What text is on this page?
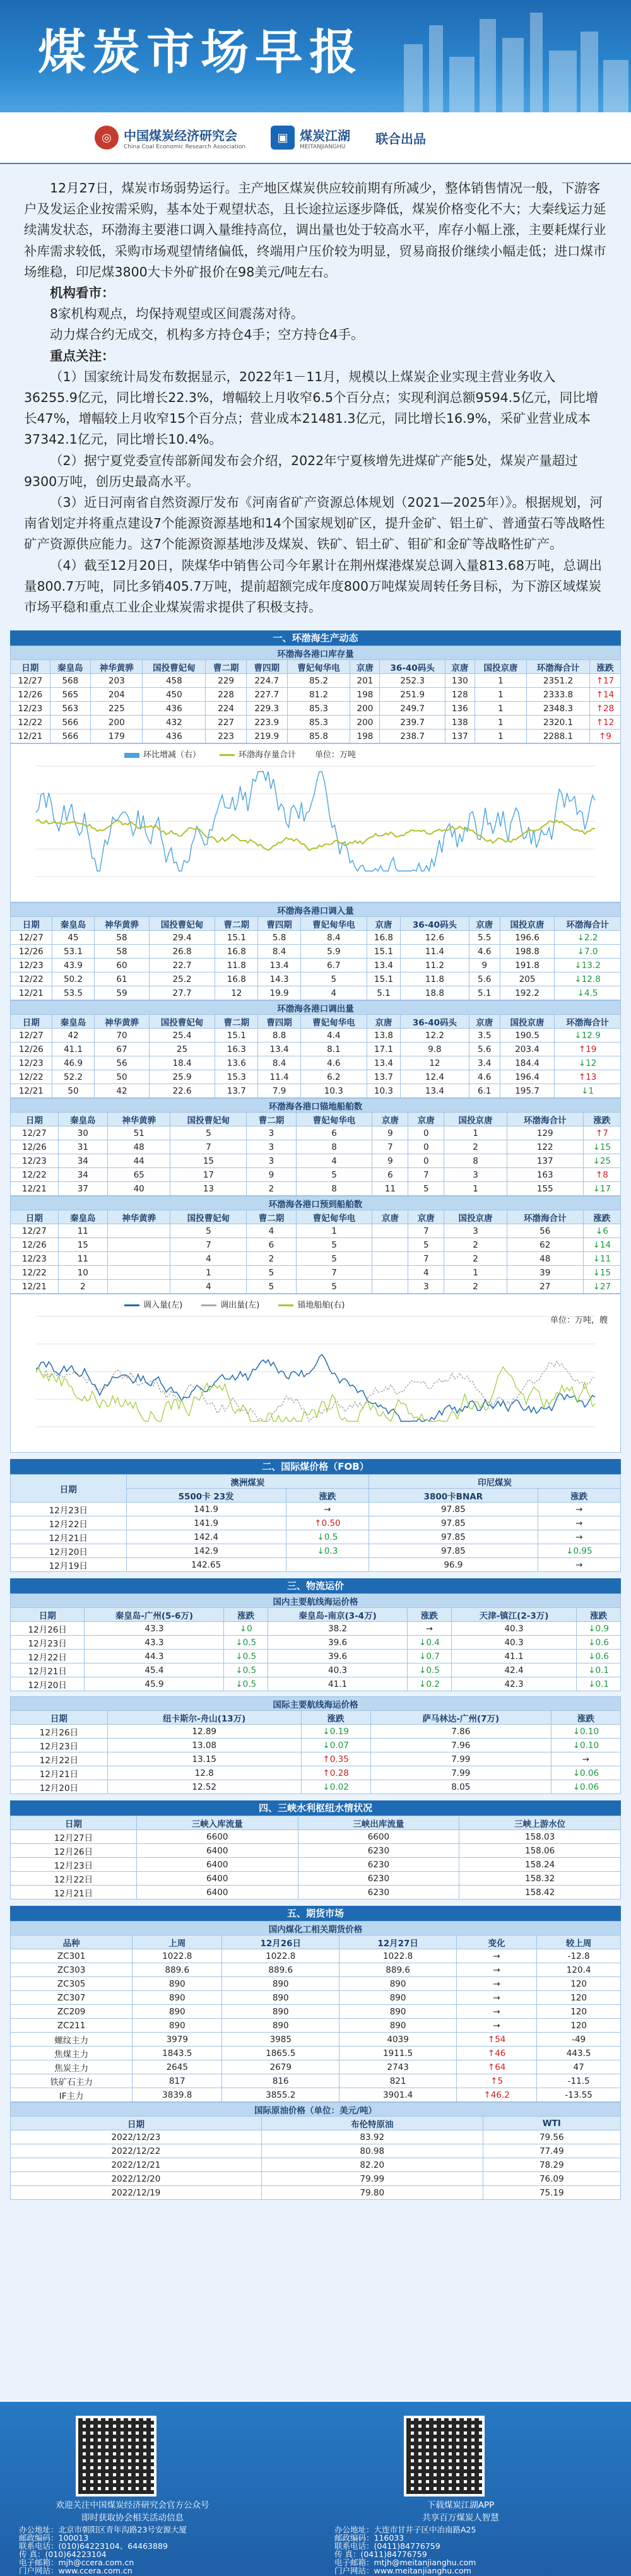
煤炭市场早报
◎ 中国煤炭经济研究会
China Coal Economic Research Association
▣ 煤炭江湖
MEITANJIANGHU
联合出品

12月27日，煤炭市场弱势运行。主产地区煤炭供应较前期有所减少，整体销售情况一般，下游客户及发运企业按需采购，基本处于观望状态，且长途拉运逐步降低，煤炭价格变化不大；大秦线运力延续满发状态，环渤海主要港口调入量维持高位，调出量也处于较高水平，库存小幅上涨，主要耗煤行业补库需求较低，采购市场观望情绪偏低，终端用户压价较为明显，贸易商报价继续小幅走低；进口煤市场维稳，印尼煤3800大卡外矿报价在98美元/吨左右。

机构看市：

8家机构观点，均保持观望或区间震荡对待。

动力煤合约无成交，机构多方持仓4手；空方持仓4手。

重点关注：

（1）国家统计局发布数据显示，2022年1－11月，规模以上煤炭企业实现主营业务收入36255.9亿元，同比增长22.3%，增幅较上月收窄6.5个百分点；实现利润总额9594.5亿元，同比增长47%，增幅较上月收窄15个百分点；营业成本21481.3亿元，同比增长16.9%，采矿业营业成本37342.1亿元，同比增长10.4%。

（2）据宁夏党委宣传部新闻发布会介绍，2022年宁夏核增先进煤矿产能5处，煤炭产量超过9300万吨，创历史最高水平。

（3）近日河南省自然资源厅发布《河南省矿产资源总体规划（2021—2025年）》。根据规划，河南省划定并将重点建设7个能源资源基地和14个国家规划矿区，提升金矿、铝土矿、普通萤石等战略性矿产资源供应能力。这7个能源资源基地涉及煤炭、铁矿、铝土矿、钼矿和金矿等战略性矿产。

（4）截至12月20日，陕煤华中销售公司今年累计在荆州煤港煤炭总调入量813.68万吨，总调出量800.7万吨，同比多销405.7万吨，提前超额完成年度800万吨煤炭周转任务目标，为下游区域煤炭市场平稳和重点工业企业煤炭需求提供了积极支持。

一、环渤海生产动态
环渤海各港口库存量												
日期	秦皇岛	神华黄骅	国投曹妃甸	曹二期	曹四期	曹妃甸华电	京唐	36-40码头	京唐	国投京唐	环渤海合计	涨跌
12/27	568	203	458	229	224.7	85.2	201	252.3	130	1	2351.2	↑ 17
12/26	565	204	450	228	227.7	81.2	198	251.9	128	1	2333.8	↑ 14
12/23	563	225	436	224	229.3	85.3	200	249.7	136	1	2348.3	↑ 28
12/22	566	200	432	227	223.9	85.3	200	239.7	138	1	2320.1	↑ 12
12/21	566	179	436	223	219.9	85.8	198	238.7	137	1	2288.1	↑ 9
环比增减（右）	环渤海存量合计 单位：万吨
环渤海各港口调入量											
日期	秦皇岛	神华黄骅	国投曹妃甸	曹二期	曹四期	曹妃甸华电	京唐	36-40码头	京唐	国投京唐	环渤海合计
12/27	45	58	29.4	15.1	5.8	8.4	16.8	12.6	5.5	196.6	↓ 2.2
12/26	53.1	58	26.8	16.8	8.4	5.9	15.1	11.4	4.6	198.8	↓ 7.0
12/23	43.9	60	22.7	11.8	13.4	6.7	13.4	11.2	9	191.8	↓ 13.2
12/22	50.2	61	25.2	16.8	14.3	5	15.1	11.8	5.6	205	↓ 12.8
12/21	53.5	59	27.7	12	19.9	4	5.1	18.8	5.1	192.2	↓ 4.5
环渤海各港口调出量											
日期	秦皇岛	神华黄骅	国投曹妃甸	曹二期	曹四期	曹妃甸华电	京唐	36-40码头	京唐	国投京唐	环渤海合计
12/27	42	70	25.4	15.1	8.8	4.4	13.8	12.2	3.5	190.5	↓ 12.9
12/26	41.1	67	25	16.3	13.4	8.1	17.1	9.8	5.6	203.4	↑ 19
12/23	46.9	56	18.4	13.6	8.4	4.6	13.4	12	3.4	184.4	↓ 12
12/22	52.2	50	25.9	15.3	11.4	6.2	13.7	12.4	4.6	196.4	↑ 13
12/21	50	42	22.6	13.7	7.9	10.3	10.3	13.4	6.1	195.7	↓ 1
环渤海各港口锚地船舶数										
日期	秦皇岛	神华黄骅	国投曹妃甸	曹二期	曹妃甸华电	京唐	京唐	国投京唐	环渤海合计	涨跌
12/27	30	51	5	3	6	9	0	1	129	↑ 7
12/26	31	48	7	3	8	7	0	2	122	↓ 15
12/23	34	44	15	3	4	9	0	8	137	↓ 25
12/22	34	65	17	9	5	6	7	3	163	↑ 8
12/21	37	40	13	2	8	11	5	1	155	↓ 17
环渤海各港口预到船舶数										
日期	秦皇岛	神华黄骅	国投曹妃甸	曹二期	曹妃甸华电	京唐	京唐	国投京唐	环渤海合计	涨跌
12/27	11		5	4	1		7	3	56	↓ 6
12/26	15		7	6	5		5	2	62	↓ 14
12/23	11		4	2	5		7	2	48	↓ 11
12/22	10		1	5	7		4	1	39	↓ 15
12/21	2		4	5	5		3	2	27	↓ 27
调入量(左)	调出量(左)	锚地船舶(右)
单位：万吨，艘
二、国际煤价格（FOB）
日期	澳洲煤炭		印尼煤炭	
	5500卡 23发	涨跌	3800卡BNAR	涨跌
12月23日	141.9	→	97.85	→
12月22日	141.9	↑ 0.50	97.85	→
12月21日	142.4	↓ 0.5	97.85	→
12月20日	142.9	↓ 0.3	97.85	↓ 0.95
12月19日	142.65		96.9	→
三、物流运价
国内主要航线海运价格						
日期	秦皇岛-广州(5-6万)	涨跌	秦皇岛-南京(3-4万)	涨跌	天津-镇江(2-3万)	涨跌
12月26日	43.3	↓ 0	38.2	→	40.3	↓ 0.9
12月23日	43.3	↓ 0.5	39.6	↓ 0.4	40.3	↓ 0.6
12月22日	44.3	↓ 0.5	39.6	↓ 0.7	41.1	↓ 0.6
12月21日	45.4	↓ 0.5	40.3	↓ 0.5	42.4	↓ 0.1
12月20日	45.9	↓ 0.5	41.1	↓ 0.2	42.3	↓ 0.1
国际主要航线海运价格				
日期	纽卡斯尔-舟山(13万)	涨跌	萨马林达-广州(7万)	涨跌
12月26日	12.89	↓ 0.19	7.86	↓ 0.10
12月23日	13.08	↓ 0.07	7.96	↓ 0.10
12月22日	13.15	↑ 0.35	7.99	→
12月21日	12.8	↑ 0.28	7.99	↓ 0.06
12月20日	12.52	↓ 0.02	8.05	↓ 0.06
四、三峡水利枢纽水情状况
日期	三峡入库流量	三峡出库流量	三峡上游水位
12月27日	6600	6600	158.03
12月26日	6400	6230	158.06
12月23日	6400	6230	158.24
12月22日	6400	6230	158.32
12月21日	6400	6230	158.42
五、期货市场
国内煤化工相关期货价格					
品种	上周	12月26日	12月27日	变化	较上周
ZC301	1022.8	1022.8	1022.8	→	-12.8
ZC303	889.6	889.6	889.6	→	120.4
ZC305	890	890	890	→	120
ZC307	890	890	890	→	120
ZC209	890	890	890	→	120
ZC211	890	890	890	→	120
螺纹主力	3979	3985	4039	↑ 54	-49
焦煤主力	1843.5	1865.5	1911.5	↑ 46	443.5
焦炭主力	2645	2679	2743	↑ 64	47
铁矿石主力	817	816	821	↑ 5	-11.5
IF主力	3839.8	3855.2	3901.4	↑ 46.2	-13.55
国际原油价格（单位：美元/吨）		
日期	布伦特原油	WTI
2022/12/23	83.92	79.56
2022/12/22	80.98	77.49
2022/12/21	82.20	78.29
2022/12/20	79.99	76.09
2022/12/19	79.80	75.19
欢迎关注中国煤炭经济研究会官方公众号
即时获取协会相关活动信息
下载煤炭江湖APP
共享百万煤炭人智慧
办公地址：北京市朝阳区青年沟路23号安源大厦
邮政编码：100013
联系电话：(010)64223104、64463889
传 真：(010)64223104
电子邮箱：mjh@ccera.com.cn
门户网站：www.ccera.com.cn
办公地址：大连市甘井子区中冶南路A25
邮政编码：116033
联系电话：(0411)84776759
传 真：(0411)84776759
电子邮箱：mtjh@meitanjianghu.com
门户网站：www.meitanjianghu.com
